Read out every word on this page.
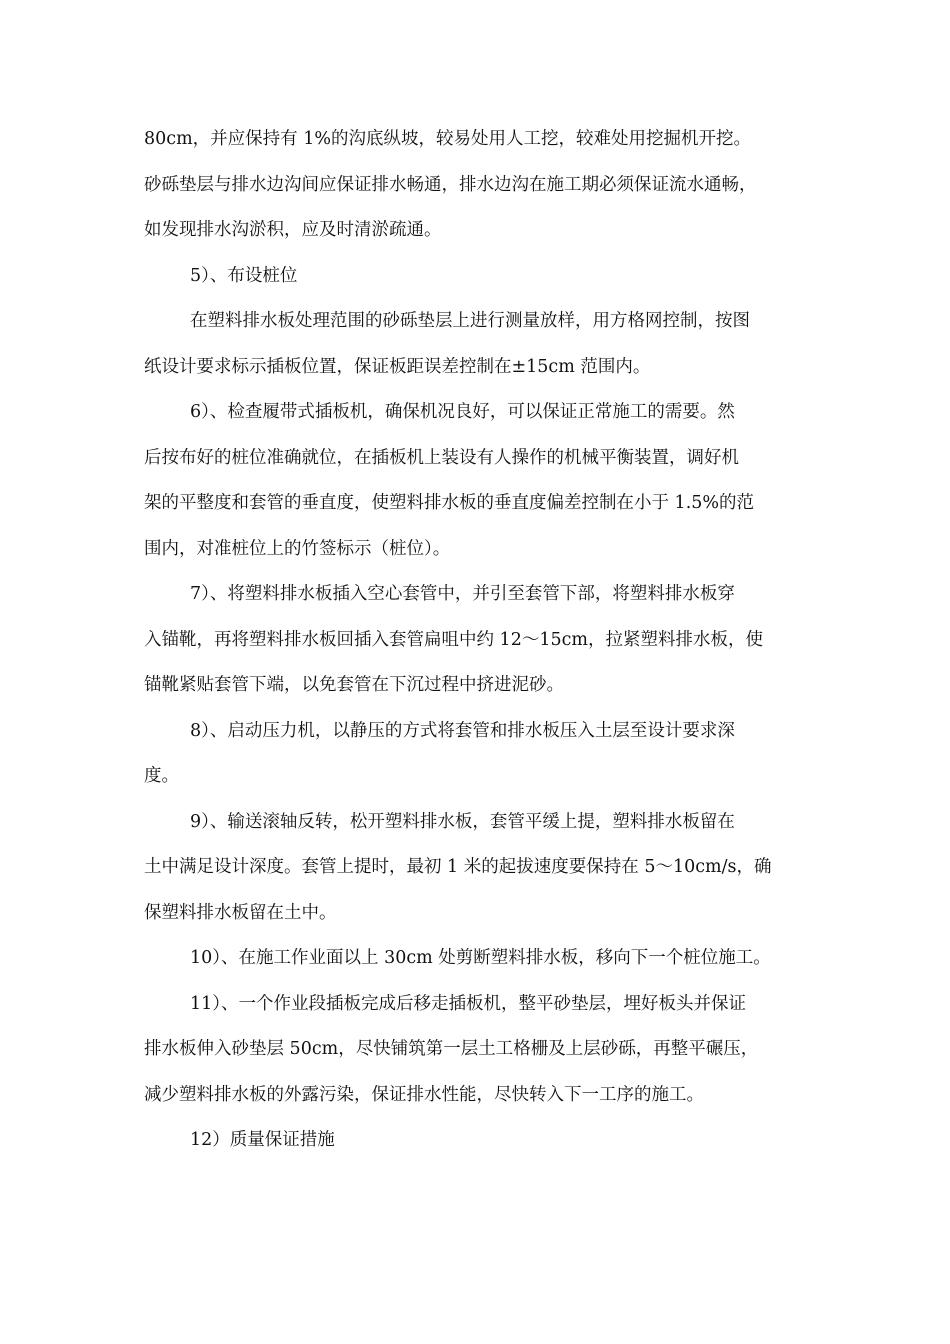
80cm，并应保持有 1%的沟底纵坡，较易处用人工挖，较难处用挖掘机开挖。
砂砾垫层与排水边沟间应保证排水畅通，排水边沟在施工期必须保证流水通畅，
如发现排水沟淤积，应及时清淤疏通。
5）、布设桩位
在塑料排水板处理范围的砂砾垫层上进行测量放样，用方格网控制，按图
纸设计要求标示插板位置，保证板距误差控制在±15cm 范围内。
6）、检查履带式插板机，确保机况良好，可以保证正常施工的需要。然
后按布好的桩位准确就位，在插板机上装设有人操作的机械平衡装置，调好机
架的平整度和套管的垂直度，使塑料排水板的垂直度偏差控制在小于 1.5%的范
围内，对准桩位上的竹签标示（桩位）。
7）、将塑料排水板插入空心套管中，并引至套管下部，将塑料排水板穿
入锚靴，再将塑料排水板回插入套管扁咀中约 12～15cm，拉紧塑料排水板，使
锚靴紧贴套管下端，以免套管在下沉过程中挤进泥砂。
8）、启动压力机，以静压的方式将套管和排水板压入土层至设计要求深
度。
9）、输送滚轴反转，松开塑料排水板，套管平缓上提，塑料排水板留在
土中满足设计深度。套管上提时，最初 1 米的起拔速度要保持在 5～10cm/s，确
保塑料排水板留在土中。
10）、在施工作业面以上 30cm 处剪断塑料排水板，移向下一个桩位施工。
11）、一个作业段插板完成后移走插板机，整平砂垫层，埋好板头并保证
排水板伸入砂垫层 50cm，尽快铺筑第一层土工格栅及上层砂砾，再整平碾压，
减少塑料排水板的外露污染，保证排水性能，尽快转入下一工序的施工。
12）质量保证措施
